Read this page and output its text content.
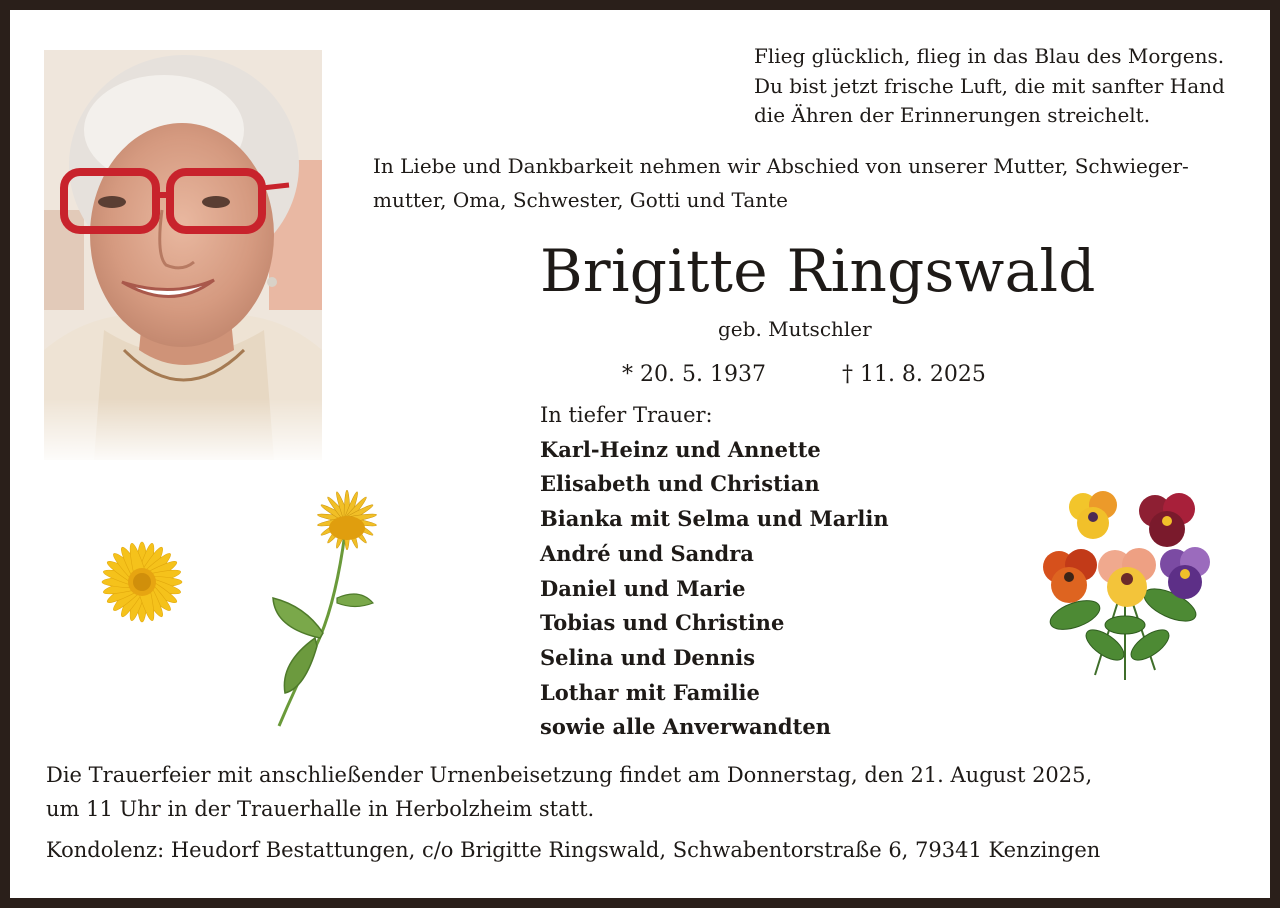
Flieg glücklich, flieg in das Blau des Morgens.
Du bist jetzt frische Luft, die mit sanfter Hand
die Ähren der Erinnerungen streichelt.
In Liebe und Dankbarkeit nehmen wir Abschied von unserer Mutter, Schwieger-
mutter, Oma, Schwester, Gotti und Tante
Brigitte Ringswald
geb. Mutschler
* 20. 5. 1937	† 11. 8. 2025
In tiefer Trauer:
Karl-Heinz und Annette
Elisabeth und Christian
Bianka mit Selma und Marlin
André und Sandra
Daniel und Marie
Tobias und Christine
Selina und Dennis
Lothar mit Familie
sowie alle Anverwandten
Die Trauerfeier mit anschließender Urnenbeisetzung findet am Donnerstag, den 21. August 2025,
um 11 Uhr in der Trauerhalle in Herbolzheim statt.
Kondolenz: Heudorf Bestattungen, c/o Brigitte Ringswald, Schwabentorstraße 6, 79341 Kenzingen
